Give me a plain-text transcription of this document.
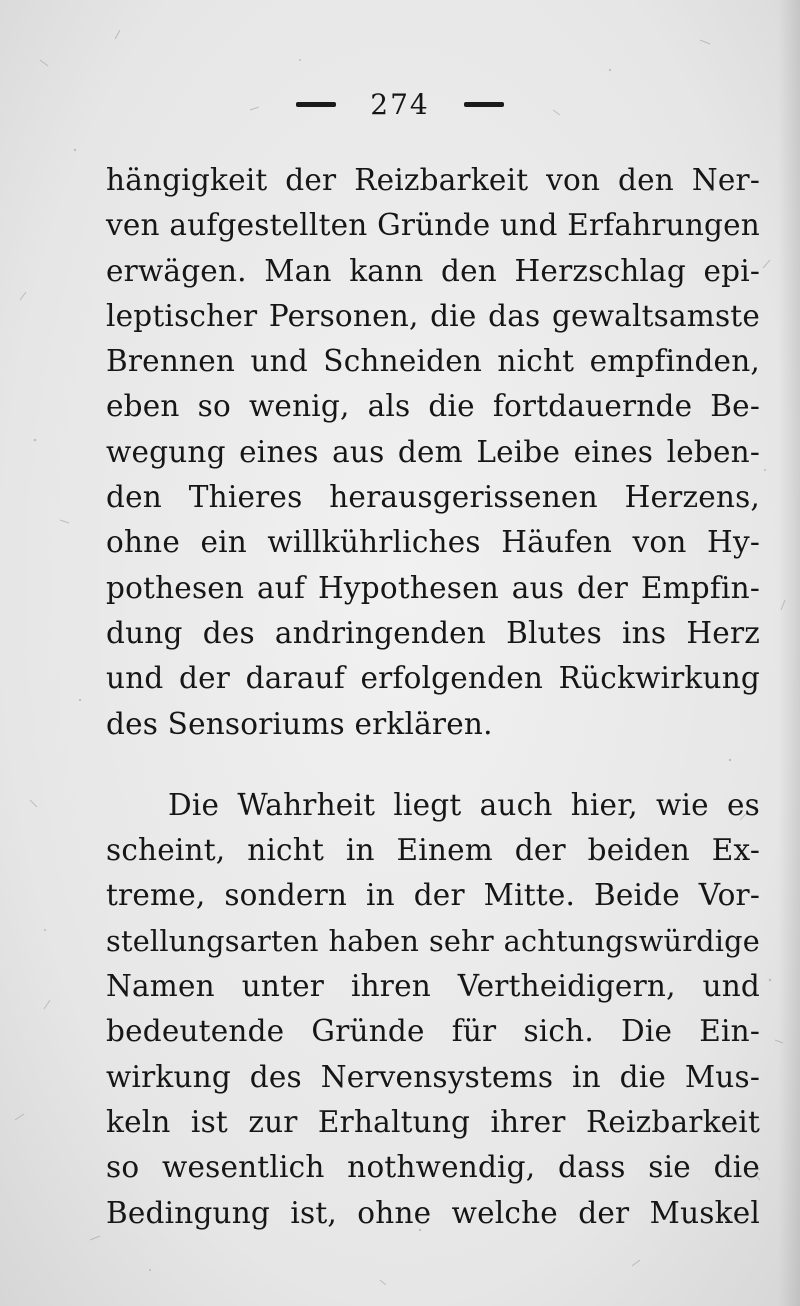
274
hängigkeit der Reizbarkeit von den Ner-
ven aufgestellten Gründe und Erfahrungen
erwägen. Man kann den Herzschlag epi-
leptischer Personen, die das gewaltsamste
Brennen und Schneiden nicht empfinden,
eben so wenig, als die fortdauernde Be-
wegung eines aus dem Leibe eines leben-
den Thieres herausgerissenen Herzens,
ohne ein willkührliches Häufen von Hy-
pothesen auf Hypothesen aus der Empfin-
dung des andringenden Blutes ins Herz
und der darauf erfolgenden Rückwirkung
des Sensoriums erklären.
Die Wahrheit liegt auch hier, wie es
scheint, nicht in Einem der beiden Ex-
treme, sondern in der Mitte. Beide Vor-
stellungsarten haben sehr achtungswürdige
Namen unter ihren Vertheidigern, und
bedeutende Gründe für sich. Die Ein-
wirkung des Nervensystems in die Mus-
keln ist zur Erhaltung ihrer Reizbarkeit
so wesentlich nothwendig, dass sie die
Bedingung ist, ohne welche der Muskel
